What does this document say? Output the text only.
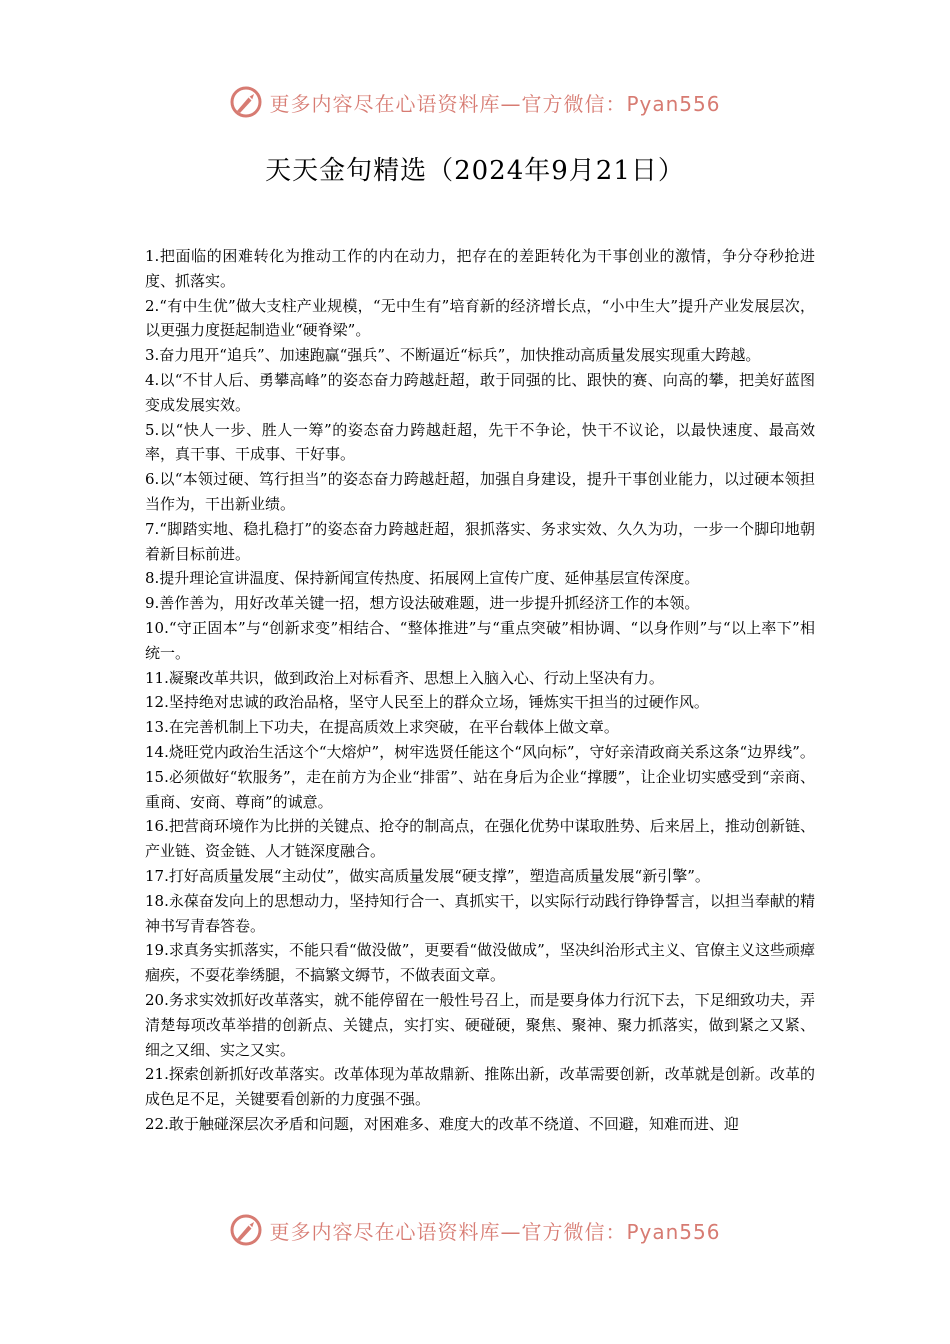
更多内容尽在心语资料库—官方微信：Pyan556
天天金句精选（2024年9月21日）

1.把面临的困难转化为推动工作的内在动力，把存在的差距转化为干事创业的激情，争分夺秒抢进度、抓落实。

2.“有中生优”做大支柱产业规模，“无中生有”培育新的经济增长点，“小中生大”提升产业发展层次，以更强力度挺起制造业“硬脊梁”。

3.奋力甩开“追兵”、加速跑赢“强兵”、不断逼近“标兵”，加快推动高质量发展实现重大跨越。

4.以“不甘人后、勇攀高峰”的姿态奋力跨越赶超，敢于同强的比、跟快的赛、向高的攀，把美好蓝图变成发展实效。

5.以“快人一步、胜人一筹”的姿态奋力跨越赶超，先干不争论，快干不议论，以最快速度、最高效率，真干事、干成事、干好事。

6.以“本领过硬、笃行担当”的姿态奋力跨越赶超，加强自身建设，提升干事创业能力，以过硬本领担当作为，干出新业绩。

7.“脚踏实地、稳扎稳打”的姿态奋力跨越赶超，狠抓落实、务求实效、久久为功，一步一个脚印地朝着新目标前进。

8.提升理论宣讲温度、保持新闻宣传热度、拓展网上宣传广度、延伸基层宣传深度。

9.善作善为，用好改革关键一招，想方设法破难题，进一步提升抓经济工作的本领。

10.“守正固本”与“创新求变”相结合、“整体推进”与“重点突破”相协调、“以身作则”与“以上率下”相统一。

11.凝聚改革共识，做到政治上对标看齐、思想上入脑入心、行动上坚决有力。

12.坚持绝对忠诚的政治品格，坚守人民至上的群众立场，锤炼实干担当的过硬作风。

13.在完善机制上下功夫，在提高质效上求突破，在平台载体上做文章。

14.烧旺党内政治生活这个“大熔炉”，树牢选贤任能这个“风向标”，守好亲清政商关系这条“边界线”。

15.必须做好“软服务”，走在前方为企业“排雷”、站在身后为企业“撑腰”，让企业切实感受到“亲商、重商、安商、尊商”的诚意。

16.把营商环境作为比拼的关键点、抢夺的制高点，在强化优势中谋取胜势、后来居上，推动创新链、产业链、资金链、人才链深度融合。

17.打好高质量发展“主动仗”，做实高质量发展“硬支撑”，塑造高质量发展“新引擎”。

18.永葆奋发向上的思想动力，坚持知行合一、真抓实干，以实际行动践行铮铮誓言，以担当奉献的精神书写青春答卷。

19.求真务实抓落实，不能只看“做没做”，更要看“做没做成”，坚决纠治形式主义、官僚主义这些顽瘴痼疾，不耍花拳绣腿，不搞繁文缛节，不做表面文章。

20.务求实效抓好改革落实，就不能停留在一般性号召上，而是要身体力行沉下去，下足细致功夫，弄清楚每项改革举措的创新点、关键点，实打实、硬碰硬，聚焦、聚神、聚力抓落实，做到紧之又紧、细之又细、实之又实。

21.探索创新抓好改革落实。改革体现为革故鼎新、推陈出新，改革需要创新，改革就是创新。改革的成色足不足，关键要看创新的力度强不强。

22.敢于触碰深层次矛盾和问题，对困难多、难度大的改革不绕道、不回避，知难而进、迎

更多内容尽在心语资料库—官方微信：Pyan556
